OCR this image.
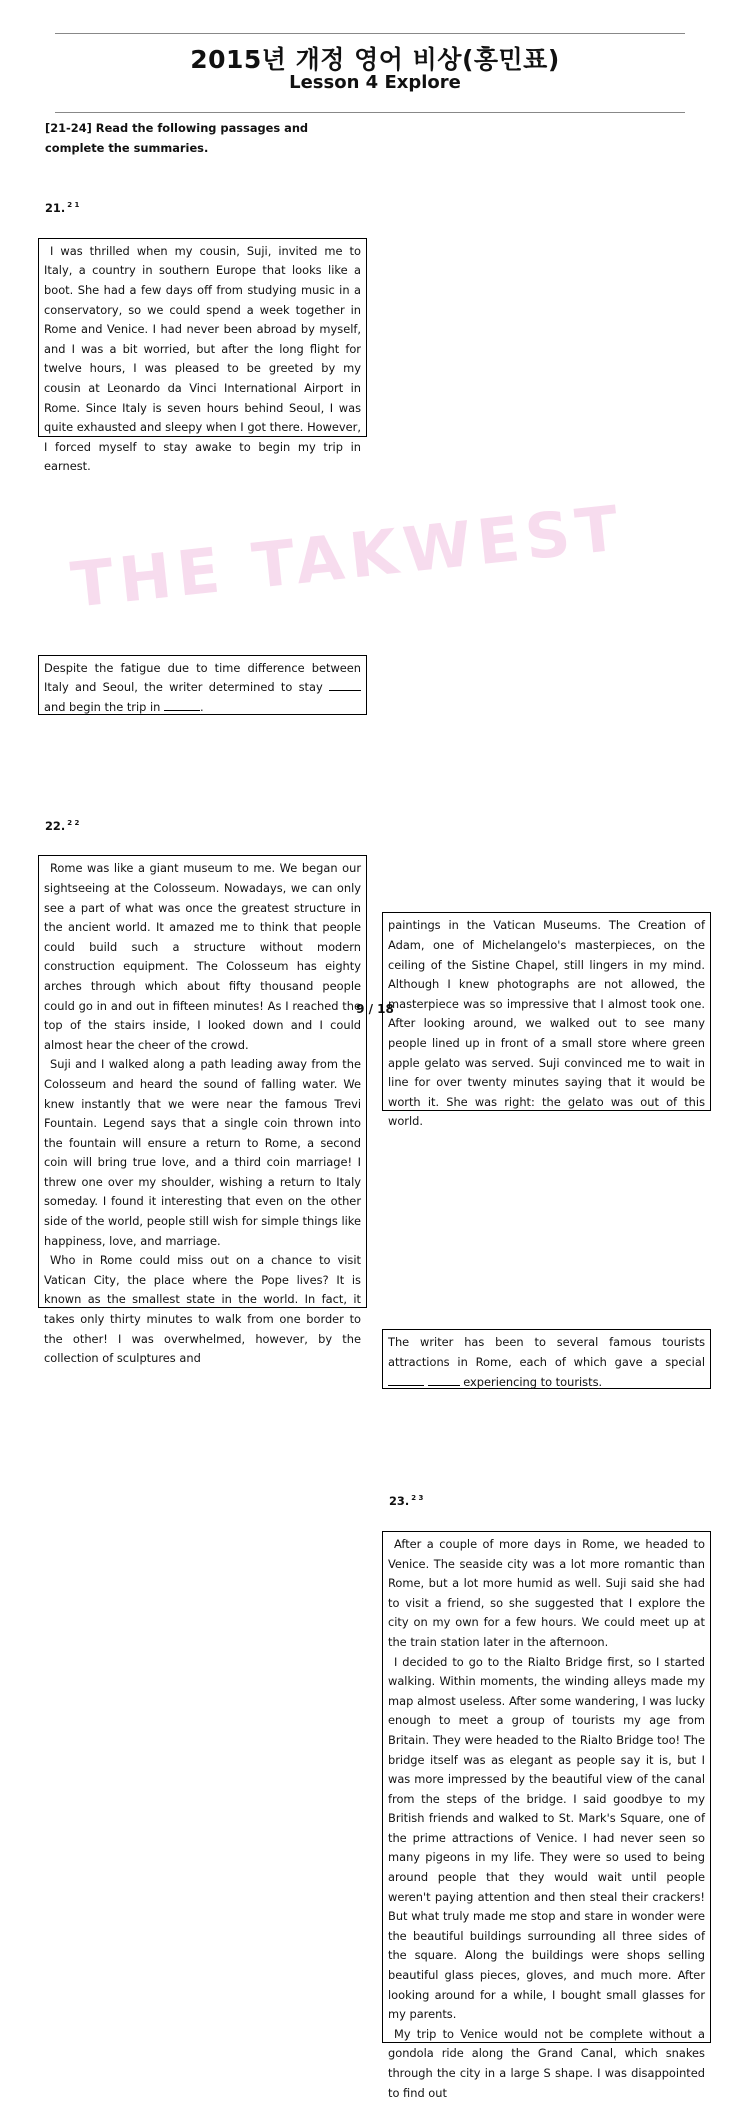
2015년 개정 영어 비상(홍민표)
Lesson 4 Explore
THE TAKWEST
[21-24] Read the following passages and complete the summaries.
21. $^{2 1}$

I was thrilled when my cousin, Suji, invited me to Italy, a country in southern Europe that looks like a boot. She had a few days off from studying music in a conservatory, so we could spend a week together in Rome and Venice. I had never been abroad by myself, and I was a bit worried, but after the long flight for twelve hours, I was pleased to be greeted by my cousin at Leonardo da Vinci International Airport in Rome. Since Italy is seven hours behind Seoul, I was quite exhausted and sleepy when I got there. However, I forced myself to stay awake to begin my trip in earnest.

Despite the fatigue due to time difference between Italy and Seoul, the writer determined to stay  and begin the trip in	.

22. $^{2 2}$

Rome was like a giant museum to me. We began our sightseeing at the Colosseum. Nowadays, we can only see a part of what was once the greatest structure in the ancient world. It amazed me to think that people could build such a structure without modern construction equipment. The Colosseum has eighty arches through which about fifty thousand people could go in and out in fifteen minutes! As I reached the top of the stairs inside, I looked down and I could almost hear the cheer of the crowd.

Suji and I walked along a path leading away from the Colosseum and heard the sound of falling water. We knew instantly that we were near the famous Trevi Fountain. Legend says that a single coin thrown into the fountain will ensure a return to Rome, a second coin will bring true love, and a third coin marriage! I threw one over my shoulder, wishing a return to Italy someday. I found it interesting that even on the other side of the world, people still wish for simple things like happiness, love, and marriage.

Who in Rome could miss out on a chance to visit Vatican City, the place where the Pope lives? It is known as the smallest state in the world. In fact, it takes only thirty minutes to walk from one border to the other! I was overwhelmed, however, by the collection of sculptures and

paintings in the Vatican Museums. The Creation of Adam, one of Michelangelo's masterpieces, on the ceiling of the Sistine Chapel, still lingers in my mind. Although I knew photographs are not allowed, the masterpiece was so impressive that I almost took one. After looking around, we walked out to see many people lined up in front of a small store where green apple gelato was served. Suji convinced me to wait in line for over twenty minutes saying that it would be worth it. She was right: the gelato was out of this world.

The writer has been to several famous tourists attractions in Rome, each of which gave a special   experiencing to tourists.

23. $^{2 3}$

After a couple of more days in Rome, we headed to Venice. The seaside city was a lot more romantic than Rome, but a lot more humid as well. Suji said she had to visit a friend, so she suggested that I explore the city on my own for a few hours. We could meet up at the train station later in the afternoon.

I decided to go to the Rialto Bridge first, so I started walking. Within moments, the winding alleys made my map almost useless. After some wandering, I was lucky enough to meet a group of tourists my age from Britain. They were headed to the Rialto Bridge too! The bridge itself was as elegant as people say it is, but I was more impressed by the beautiful view of the canal from the steps of the bridge. I said goodbye to my British friends and walked to St. Mark's Square, one of the prime attractions of Venice. I had never seen so many pigeons in my life. They were so used to being around people that they would wait until people weren't paying attention and then steal their crackers! But what truly made me stop and stare in wonder were the beautiful buildings surrounding all three sides of the square. Along the buildings were shops selling beautiful glass pieces, gloves, and much more. After looking around for a while, I bought small glasses for my parents.

My trip to Venice would not be complete without a gondola ride along the Grand Canal, which snakes through the city in a large S shape. I was disappointed to find out

9 / 18
